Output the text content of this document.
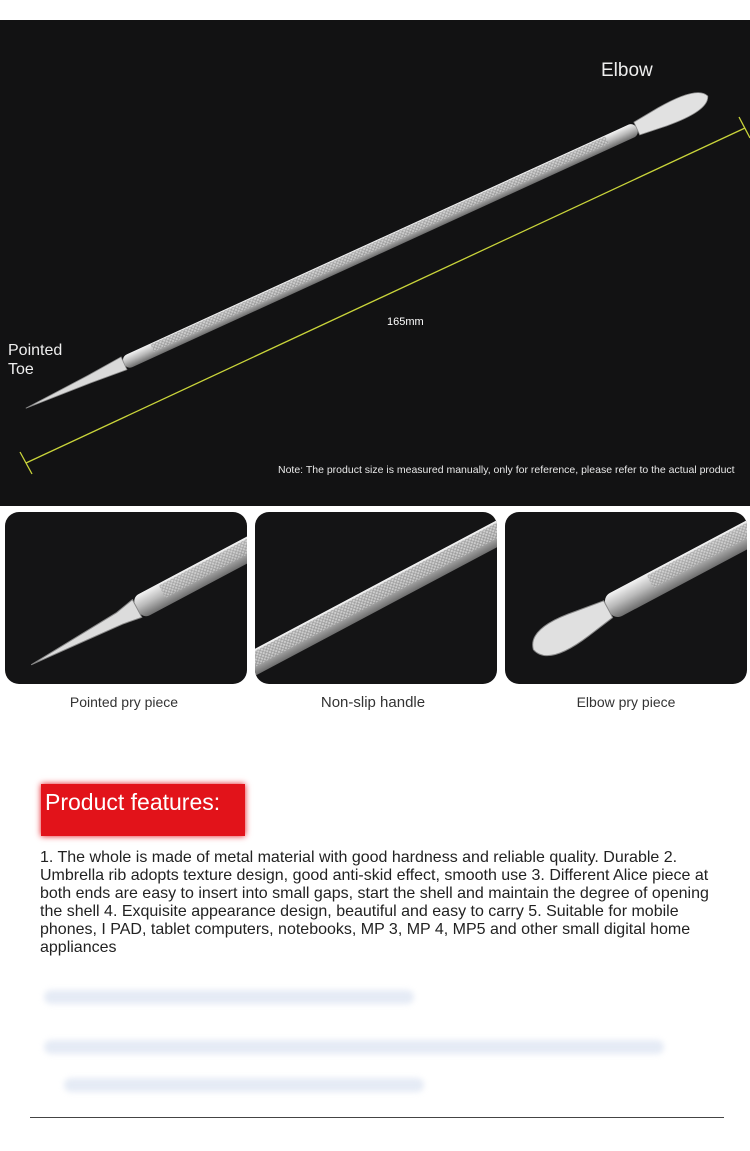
Elbow
Pointed Toe
165mm
Note: The product size is measured manually, only for reference, please refer to the actual product
Pointed pry piece	Non-slip handle	Elbow pry piece
Product features:
1. The whole is made of metal material with good hardness and reliable quality. Durable 2. Umbrella rib adopts texture design, good anti-skid effect, smooth use 3. Different Alice piece at both ends are easy to insert into small gaps, start the shell and maintain the degree of opening the shell 4. Exquisite appearance design, beautiful and easy to carry 5. Suitable for mobile phones, I PAD, tablet computers, notebooks, MP 3, MP 4, MP5 and other small digital home appliances
